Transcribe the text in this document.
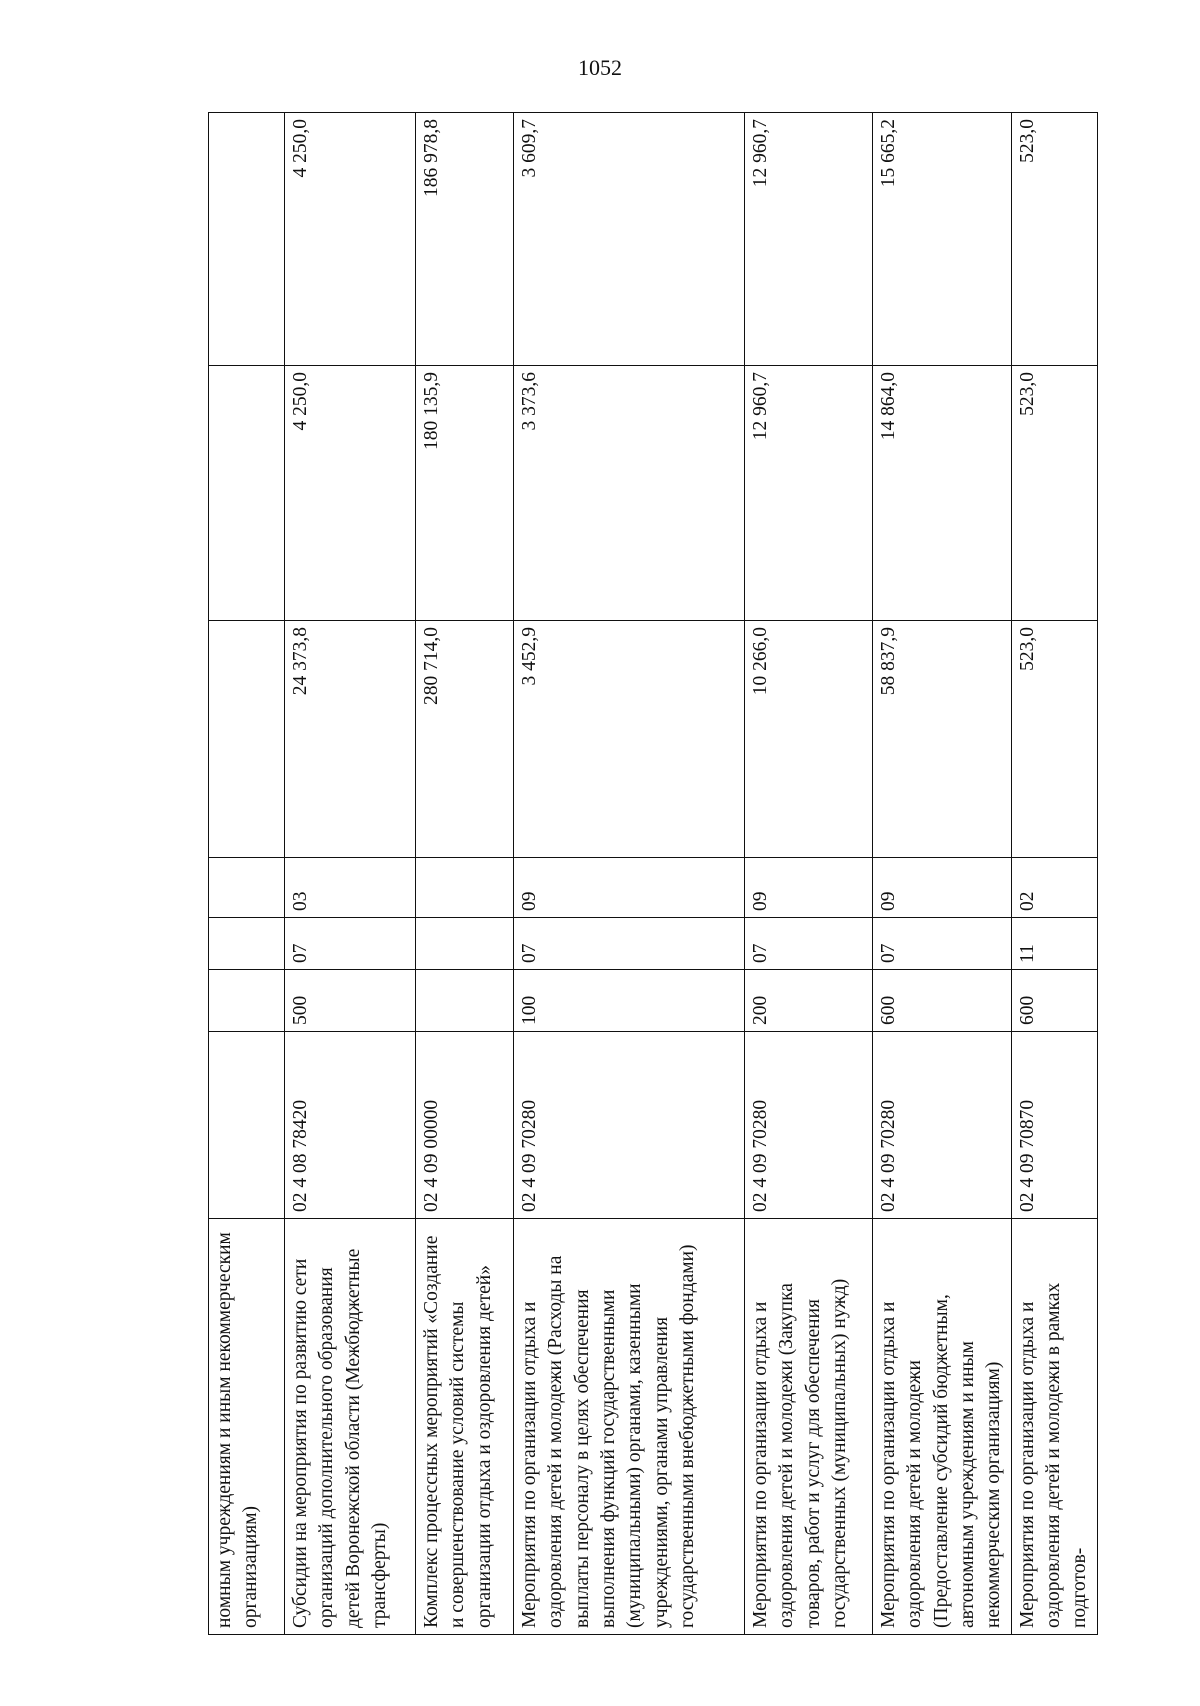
1052
номным учреждениям и иным некоммерческим организациям)							
Субсидии на мероприятия по развитию сети организаций дополнительного образования детей Воронежской области (Межбюджетные трансферты)	02 4 08 78420	500	07	03	24 373,8	4 250,0	4 250,0
Комплекс процессных мероприятий «Создание и совершенствование условий системы организации отдыха и оздоровления детей»	02 4 09 00000				280 714,0	180 135,9	186 978,8
Мероприятия по организации отдыха и оздоровления детей и молодежи (Расходы на выплаты персоналу в целях обеспечения выполнения функций государственными (муниципальными) органами, казенными учреждениями, органами управления государственными внебюджетными фондами)	02 4 09 70280	100	07	09	3 452,9	3 373,6	3 609,7
Мероприятия по организации отдыха и оздоровления детей и молодежи (Закупка товаров, работ и услуг для обеспечения государственных (муниципальных) нужд)	02 4 09 70280	200	07	09	10 266,0	12 960,7	12 960,7
Мероприятия по организации отдыха и оздоровления детей и молодежи (Предоставление субсидий бюджетным, автономным учреждениям и иным некоммерческим организациям)	02 4 09 70280	600	07	09	58 837,9	14 864,0	15 665,2
Мероприятия по организации отдыха и оздоровления детей и молодежи в рамках подготов-	02 4 09 70870	600	11	02	523,0	523,0	523,0
